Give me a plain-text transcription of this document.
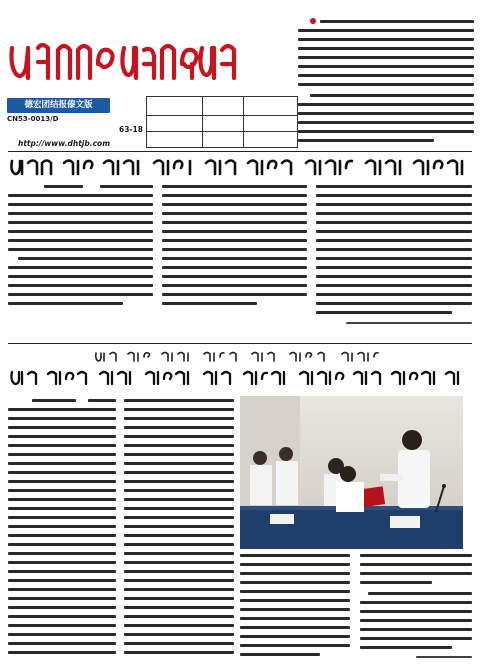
德宏团结报傣文版
CN53-0013/D
63-18
http://www.dhtjb.com
